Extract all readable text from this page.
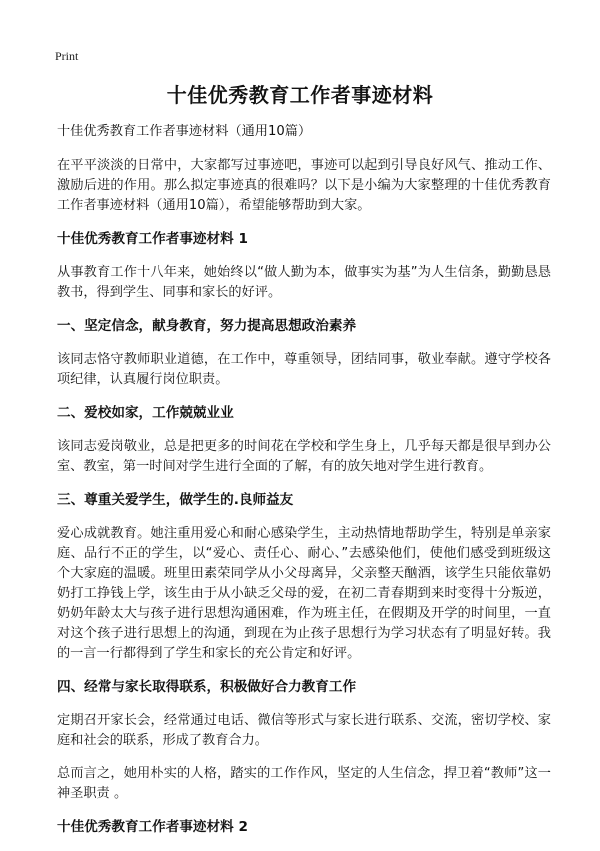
Print
十佳优秀教育工作者事迹材料
十佳优秀教育工作者事迹材料（通用10篇）
在平平淡淡的日常中，大家都写过事迹吧，事迹可以起到引导良好风气、推动工作、激励后进的作用。那么拟定事迹真的很难吗？以下是小编为大家整理的十佳优秀教育工作者事迹材料（通用10篇），希望能够帮助到大家。
十佳优秀教育工作者事迹材料 1
从事教育工作十八年来，她始终以“做人勤为本，做事实为基”为人生信条，勤勤恳恳教书，得到学生、同事和家长的好评。
一、坚定信念，献身教育，努力提高思想政治素养
该同志恪守教师职业道德，在工作中，尊重领导，团结同事，敬业奉献。遵守学校各项纪律，认真履行岗位职责。
二、爱校如家，工作兢兢业业
该同志爱岗敬业，总是把更多的时间花在学校和学生身上，几乎每天都是很早到办公室、教室，第一时间对学生进行全面的了解，有的放矢地对学生进行教育。
三、尊重关爱学生，做学生的.良师益友
爱心成就教育。她注重用爱心和耐心感染学生，主动热情地帮助学生，特别是单亲家庭、品行不正的学生，以“爱心、责任心、耐心、”去感染他们，使他们感受到班级这个大家庭的温暖。班里田素荣同学从小父母离异，父亲整天酗酒，该学生只能依靠奶奶打工挣钱上学，该生由于从小缺乏父母的爱，在初二青春期到来时变得十分叛逆，奶奶年龄太大与孩子进行思想沟通困难，作为班主任，在假期及开学的时间里，一直对这个孩子进行思想上的沟通，到现在为止孩子思想行为学习状态有了明显好转。我的一言一行都得到了学生和家长的充公肯定和好评。
四、经常与家长取得联系，积极做好合力教育工作
定期召开家长会，经常通过电话、微信等形式与家长进行联系、交流，密切学校、家庭和社会的联系，形成了教育合力。
总而言之，她用朴实的人格，踏实的工作作风，坚定的人生信念，捍卫着“教师”这一神圣职责 。
十佳优秀教育工作者事迹材料 2
